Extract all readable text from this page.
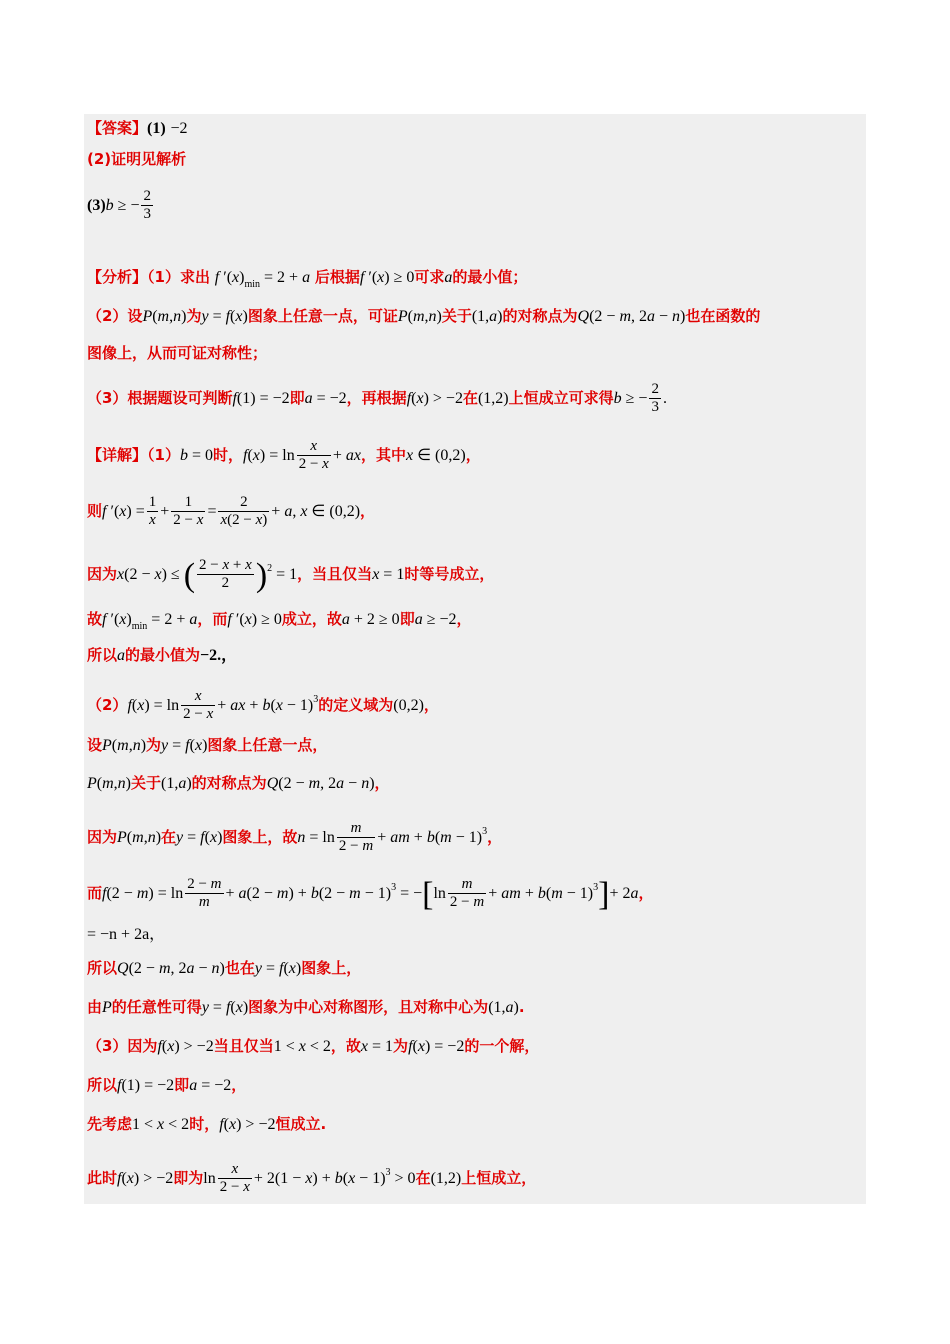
【答案】(1) −2
(2)证明见解析
(3)b ≥ − $\frac{2}{3}$
【分析】（1）求出 f $'(x)_{min} = 2 + a$ 后根据f ′(x) ≥ 0可求a的最小值；
（2）设P(m,n)为y = f(x)图象上任意一点，可证P(m,n)关于(1,a)的对称点为Q(2 − m, 2a − n)也在函数的
图像上，从而可证对称性；
（3）根据题设可判断f(1) = −2即a = −2，再根据f(x) > −2在(1,2)上恒成立可求得b ≥ − $\frac{2}{3}$ .
【详解】（1）b = 0时，$f(x) = \ln \frac{x}{2 - x}$ + ax，其中x ∈ (0,2)，
则f $'(x) = \frac{1}{x} + \frac{1}{2 - x} = \frac{2}{x(2 - x)} + a$, x ∈ (0,2)，
因为x(2 − x) ≤ ( $\frac{2 - x + x}{2} )^2 = 1$，当且仅当x = 1时等号成立，
故f $'(x)_{min} = 2 + a$，而f ′(x) ≥ 0成立，故a + 2 ≥ 0即a ≥ −2，
所以a的最小值为−2.，
$(2)f(x) = \ln \frac{x}{2 - x}$ + ax + $b(x - 1)^3$的定义域为(0,2)，
设P(m,n)为y = f(x)图象上任意一点，
P(m,n)关于(1,a)的对称点为Q(2 − m, 2a − n)，
因为P(m,n)在y = f(x)图象上，故$n = \ln \frac{m}{2 - m}$ + am + $b(m - 1)^3$，
而$f(2 - m) = \ln \frac{2 - m}{m} + a(2 - m) + b(2 - m - 1)^3 = -[\ln \frac{m}{2 - m}$ + am + $b(m - 1)^3]+ 2a$，
= −n + 2a，
所以Q(2 − m, 2a − n)也在y = f(x)图象上，
由P的任意性可得y = f(x)图象为中心对称图形，且对称中心为(1,a).
（3）因为f(x) > −2当且仅当1 < x < 2，故x = 1为f(x) = −2的一个解，
所以f(1) = −2即a = −2，
先考虑1 < x < 2时，f(x) > −2恒成立.
此时f(x) > −2即为$\ln \frac{x}{2 - x} + 2(1 - x) + b(x - 1)^3 > 0$在(1,2)上恒成立，
